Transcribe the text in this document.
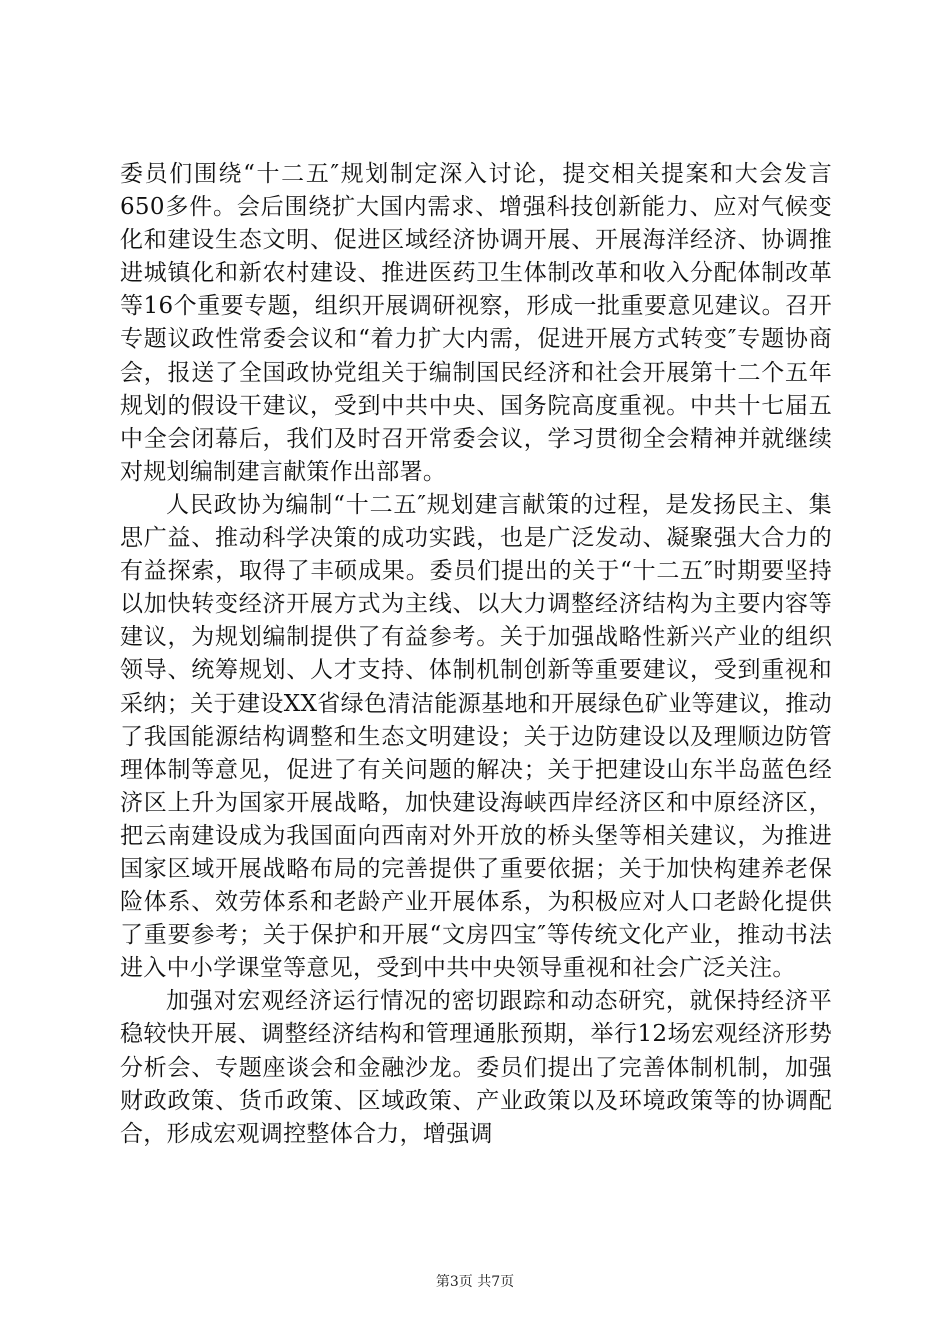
委员们围绕“十二五″规划制定深入讨论，提交相关提案和大会发言650多件。会后围绕扩大国内需求、增强科技创新能力、应对气候变化和建设生态文明、促进区域经济协调开展、开展海洋经济、协调推进城镇化和新农村建设、推进医药卫生体制改革和收入分配体制改革等16个重要专题，组织开展调研视察，形成一批重要意见建议。召开专题议政性常委会议和“着力扩大内需，促进开展方式转变″专题协商会，报送了全国政协党组关于编制国民经济和社会开展第十二个五年规划的假设干建议，受到中共中央、国务院高度重视。中共十七届五中全会闭幕后，我们及时召开常委会议，学习贯彻全会精神并就继续对规划编制建言献策作出部署。

人民政协为编制“十二五″规划建言献策的过程，是发扬民主、集思广益、推动科学决策的成功实践，也是广泛发动、凝聚强大合力的有益探索，取得了丰硕成果。委员们提出的关于“十二五″时期要坚持以加快转变经济开展方式为主线、以大力调整经济结构为主要内容等建议，为规划编制提供了有益参考。关于加强战略性新兴产业的组织领导、统筹规划、人才支持、体制机制创新等重要建议，受到重视和采纳；关于建设XX省绿色清洁能源基地和开展绿色矿业等建议，推动了我国能源结构调整和生态文明建设；关于边防建设以及理顺边防管理体制等意见，促进了有关问题的解决；关于把建设山东半岛蓝色经济区上升为国家开展战略，加快建设海峡西岸经济区和中原经济区，把云南建设成为我国面向西南对外开放的桥头堡等相关建议，为推进国家区域开展战略布局的完善提供了重要依据；关于加快构建养老保险体系、效劳体系和老龄产业开展体系，为积极应对人口老龄化提供了重要参考；关于保护和开展“文房四宝″等传统文化产业，推动书法进入中小学课堂等意见，受到中共中央领导重视和社会广泛关注。

加强对宏观经济运行情况的密切跟踪和动态研究，就保持经济平稳较快开展、调整经济结构和管理通胀预期，举行12场宏观经济形势分析会、专题座谈会和金融沙龙。委员们提出了完善体制机制，加强财政政策、货币政策、区域政策、产业政策以及环境政策等的协调配合，形成宏观调控整体合力，增强调

第3页 共7页
